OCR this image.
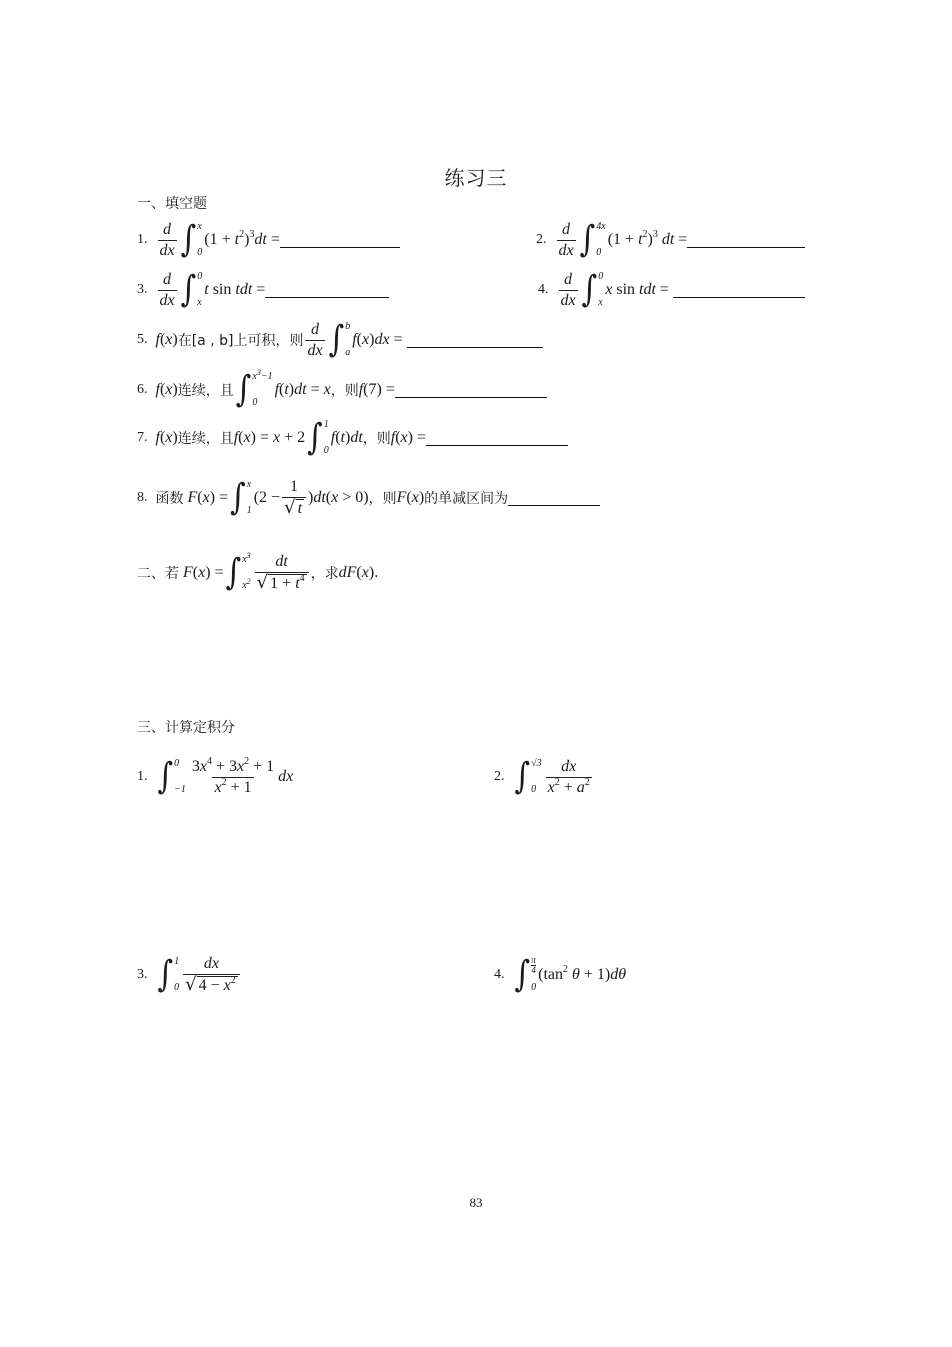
练习三
一、填空题
1. $\frac{d}{dx}$ ∫ x
0
$(1 + t^2)^3dt$ =	2. $\frac{d}{dx}$ ∫ 4x
0
$(1 + t^2)^3$ dt =
3. $\frac{d}{dx}$ ∫ 0
x
t sin tdt =	4. $\frac{d}{dx}$ ∫ 0
x
x sin tdt =
5. f(x) 在[a , b]上可积，则 $\frac{d}{dx}$ ∫ b
a
f(x)dx =
6. f(x) 连续，且 ∫ $x^3-1$
0
f(t)dt = x ，则 f(7) =
7. f(x) 连续，且 f(x) = x + 2 ∫ 1
0
f(t)dt ，则 f(x) =
8. 函数 F(x) = ∫ x
1
$(2 - \frac{1}{√ t} )dt(x > 0)$ ，则 F(x) 的单减区间为
二、若 F(x) = ∫ $x^3$
$x^2 \frac{dt}{√ 1 + t^4}$ ，求 dF(x).
三、计算定积分
1. ∫ 0
$-1 \frac{3x^4 + 3x^2 + 1}{x^2 + 1}$ dx	2. ∫ √3
$0 \frac{dx}{x^2 + a^2}$
3. ∫ 1
$0 \frac{dx}{√ 4 - x^2}$	4. ∫ π
4
0
($\tan^2$ θ + 1)dθ
83
